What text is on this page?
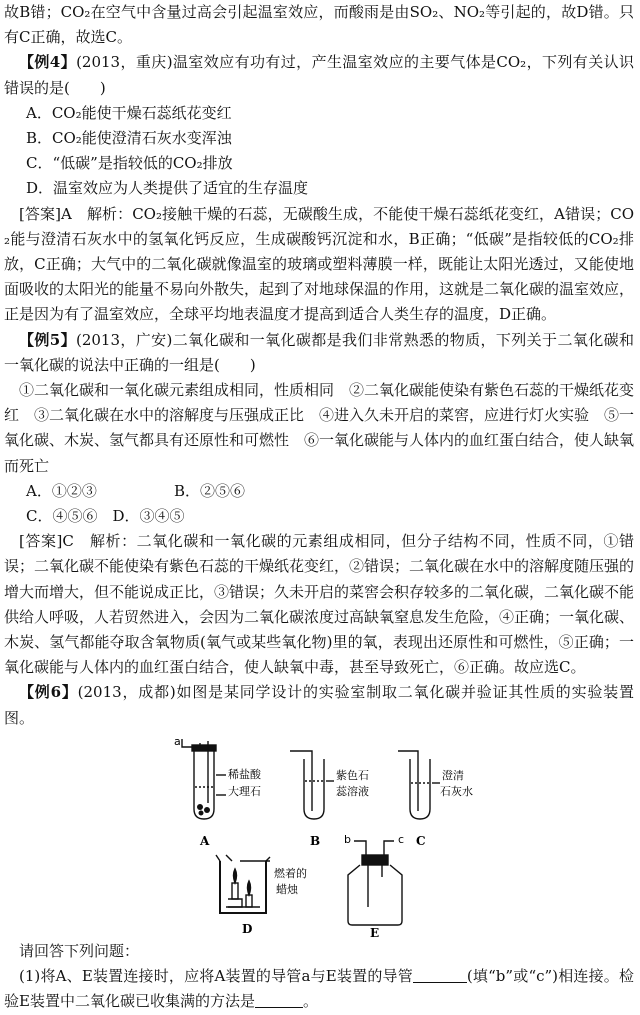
故B错；CO₂在空气中含量过高会引起温室效应，而酸雨是由SO₂、NO₂等引起的，故D错。只有C正确，故选C。

【例4】(2013，重庆)温室效应有功有过，产生温室效应的主要气体是CO₂，下列有关认识错误的是(　　)

A．CO₂能使干燥石蕊纸花变红

B．CO₂能使澄清石灰水变浑浊

C．“低碳”是指较低的CO₂排放

D．温室效应为人类提供了适宜的生存温度

[答案]A　解析：CO₂接触干燥的石蕊，无碳酸生成，不能使干燥石蕊纸花变红，A错误；CO₂能与澄清石灰水中的氢氧化钙反应，生成碳酸钙沉淀和水，B正确；“低碳”是指较低的CO₂排放，C正确；大气中的二氧化碳就像温室的玻璃或塑料薄膜一样，既能让太阳光透过，又能使地面吸收的太阳光的能量不易向外散失，起到了对地球保温的作用，这就是二氧化碳的温室效应，正是因为有了温室效应，全球平均地表温度才提高到适合人类生存的温度，D正确。

【例5】(2013，广安)二氧化碳和一氧化碳都是我们非常熟悉的物质，下列关于二氧化碳和一氧化碳的说法中正确的一组是(　　)

①二氧化碳和一氧化碳元素组成相同，性质相同　②二氧化碳能使染有紫色石蕊的干燥纸花变红　③二氧化碳在水中的溶解度与压强成正比　④进入久未开启的菜窖，应进行灯火实验　⑤一氧化碳、木炭、氢气都具有还原性和可燃性　⑥一氧化碳能与人体内的血红蛋白结合，使人缺氧而死亡

A．①②③	B．②⑤⑥

C．④⑤⑥　D．③④⑤

[答案]C　解析：二氧化碳和一氧化碳的元素组成相同，但分子结构不同，性质不同，①错误；二氧化碳不能使染有紫色石蕊的干燥纸花变红，②错误；二氧化碳在水中的溶解度随压强的增大而增大，但不能说成正比，③错误；久未开启的菜窖会积存较多的二氧化碳，二氧化碳不能供给人呼吸，人若贸然进入，会因为二氧化碳浓度过高缺氧窒息发生危险，④正确；一氧化碳、木炭、氢气都能夺取含氧物质(氧气或某些氧化物)里的氧，表现出还原性和可燃性，⑤正确；一氧化碳能与人体内的血红蛋白结合，使人缺氧中毒，甚至导致死亡，⑥正确。故应选C。

【例6】(2013，成都)如图是某同学设计的实验室制取二氧化碳并验证其性质的实验装置图。

a
稀盐酸
大理石
A
紫色石
蕊溶液
B
澄清
石灰水
C
燃着的
蜡烛
D
b	c
E

请回答下列问题：

(1)将A、E装置连接时，应将A装置的导管a与E装置的导管	(填“b”或“c”)相连接。检验E装置中二氧化碳已收集满的方法是	。
